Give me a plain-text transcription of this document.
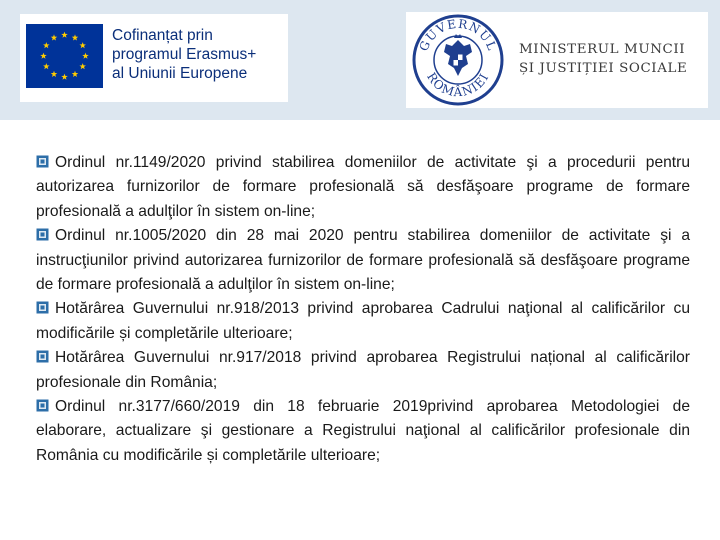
Cofinanțat prin
programul Erasmus+
al Uniunii Europene
GUVERNUL
ROMÂNIEI
MINISTERUL MUNCII
ȘI JUSTIȚIEI SOCIALE

Ordinul nr.1149/2020 privind stabilirea domeniilor de activitate şi a procedurii pentru autorizarea furnizorilor de formare profesională să desfăşoare programe de formare profesională a adulţilor în sistem on-line;

Ordinul nr.1005/2020 din 28 mai 2020 pentru stabilirea domeniilor de activitate şi a instrucţiunilor privind autorizarea furnizorilor de formare profesională să desfăşoare programe de formare profesională a adulţilor în sistem on-line;

Hotărârea Guvernului nr.918/2013 privind aprobarea Cadrului naţional al calificărilor cu modificările și completările ulterioare;

Hotărârea Guvernului nr.917/2018 privind aprobarea Registrului național al calificărilor profesionale din România;

Ordinul nr.3177/660/2019 din 18 februarie 2019privind aprobarea Metodologiei de elaborare, actualizare şi gestionare a Registrului naţional al calificărilor profesionale din România cu modificările și completările ulterioare;
